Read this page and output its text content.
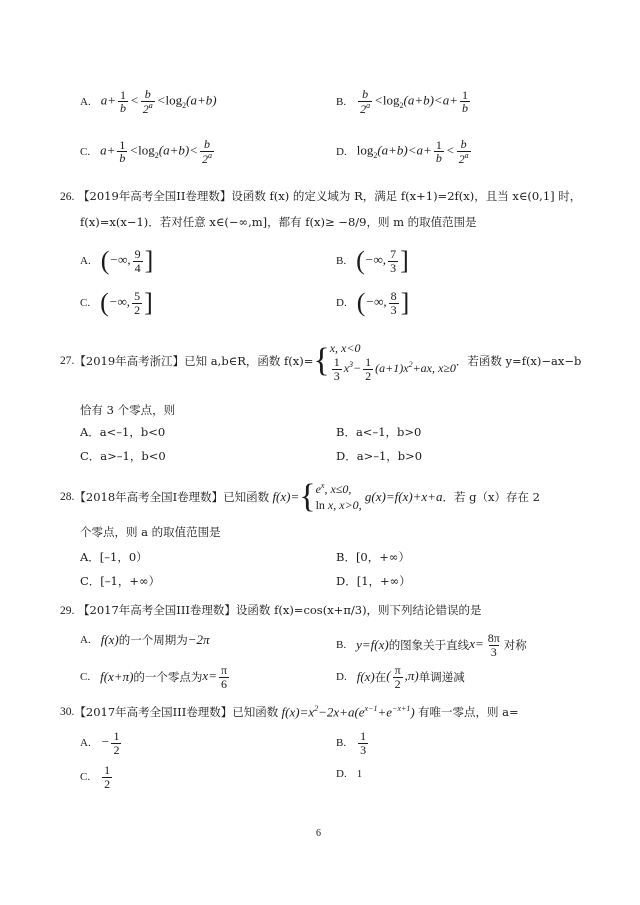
A. $a+ \frac{1}{b} < \frac{b}{2^a} <\log_2(a+b)$	B. $\frac{b}{2^a} <\log_2(a+b)<a+ \frac{1}{b}$
C. $a+ \frac{1}{b} <\log_2(a+b)< \frac{b}{2^a}$	D. $\log_2(a+b)<a+ \frac{1}{b} < \frac{b}{2^a}$
26. 【2019年高考全国II卷理数】设函数 f(x) 的定义域为 R，满足 f(x+1)=2f(x)，且当 x∈(0,1] 时，
f(x)=x(x−1)．若对任意 x∈(−∞,m]，都有 f(x)≥ −8/9，则 m 的取值范围是
A. (−∞, $\frac{9}{4}$ ]	B. (−∞, $\frac{7}{3}$ ]
C. (−∞, $\frac{5}{2}$ ]	D. (−∞, $\frac{8}{3}$ ]
27. 【2019年高考浙江】 已知 a,b∈R，函数 f(x)= { x, x<0
$\frac{1}{3} x^3- \frac{1}{2} (a+1)x^2+ax$, x≥0 ．若函数 y=f(x)−ax−b
恰有 3 个零点，则
A．a<–1，b<0	B．a<–1，b>0
C．a>–1，b<0	D．a>–1，b>0
28. 【2018年高考全国Ⅰ卷理数】 已知函数 f(x)= { $e^x$, x≤0,
ln x, x>0,
g(x)=f(x)+x+a ．若 g（x）存在 2
个零点，则 a 的取值范围是
A．[–1，0）	B．[0，+∞）
C．[–1，+∞）	D．[1，+∞）
29. 【2017年高考全国III卷理数】设函数 f(x)=cos(x+π/3)，则下列结论错误的是
A. f(x)的一个周期为−2π	B. y=f(x) 的图象关于直线 $x= \frac{8\pi}{3}$ 对称
C. f(x+π) 的一个零点为 $x= \frac{\pi}{6}$	D. f(x) 在 ( $\frac{\pi}{2} ,\pi$) 单调递减
30. 【2017年高考全国III卷理数】 已知函数 $f(x)=x^2-2x+a(e^{x-1}+e^{-x+1})$ 有唯一零点，则 a=
A. − $\frac{1}{2}$	B. $\frac{1}{3}$
C. $\frac{1}{2}$	D. 1
6
